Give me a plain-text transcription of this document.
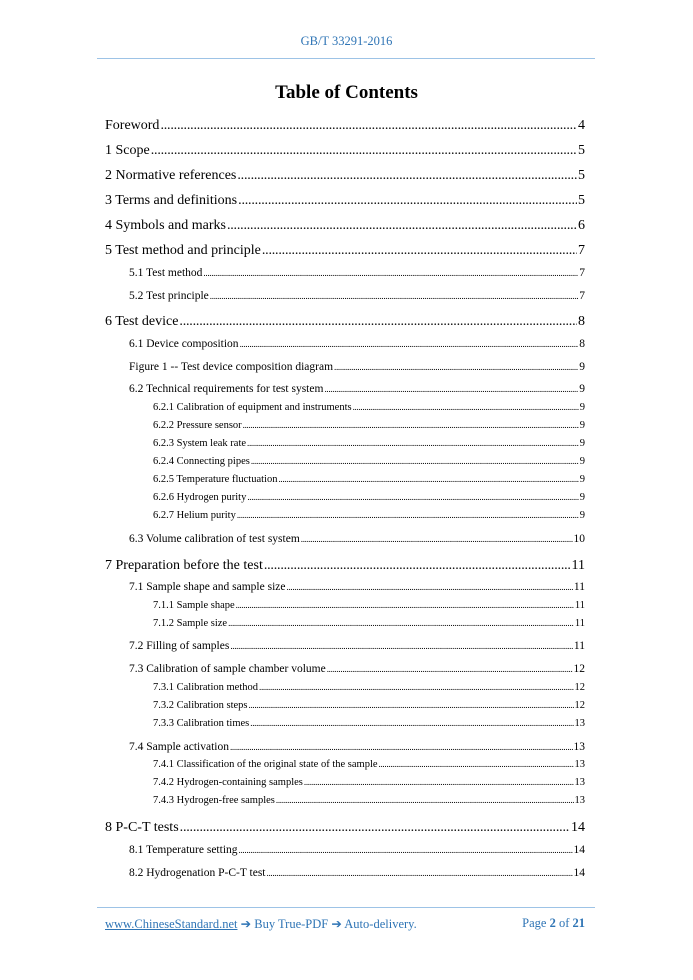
GB/T 33291-2016
Table of Contents
Foreword .....	4
1 Scope .....	5
2 Normative references .....	5
3 Terms and definitions .....	5
4 Symbols and marks .....	6
5 Test method and principle .....	7
5.1 Test method .....	7
5.2 Test principle .....	7
6 Test device .....	8
6.1 Device composition .....	8
Figure 1 -- Test device composition diagram .....	9
6.2 Technical requirements for test system .....	9
6.2.1 Calibration of equipment and instruments .....	9
6.2.2 Pressure sensor .....	9
6.2.3 System leak rate .....	9
6.2.4 Connecting pipes .....	9
6.2.5 Temperature fluctuation .....	9
6.2.6 Hydrogen purity .....	9
6.2.7 Helium purity .....	9
6.3 Volume calibration of test system .....	10
7 Preparation before the test .....	11
7.1 Sample shape and sample size .....	11
7.1.1 Sample shape .....	11
7.1.2 Sample size .....	11
7.2 Filling of samples .....	11
7.3 Calibration of sample chamber volume .....	12
7.3.1 Calibration method .....	12
7.3.2 Calibration steps .....	12
7.3.3 Calibration times .....	13
7.4 Sample activation .....	13
7.4.1 Classification of the original state of the sample .....	13
7.4.2 Hydrogen-containing samples .....	13
7.4.3 Hydrogen-free samples .....	13
8 P-C-T tests .....	14
8.1 Temperature setting .....	14
8.2 Hydrogenation P-C-T test .....	14
www.ChineseStandard.net ➔ Buy True-PDF ➔ Auto-delivery.	Page 2 of 21
